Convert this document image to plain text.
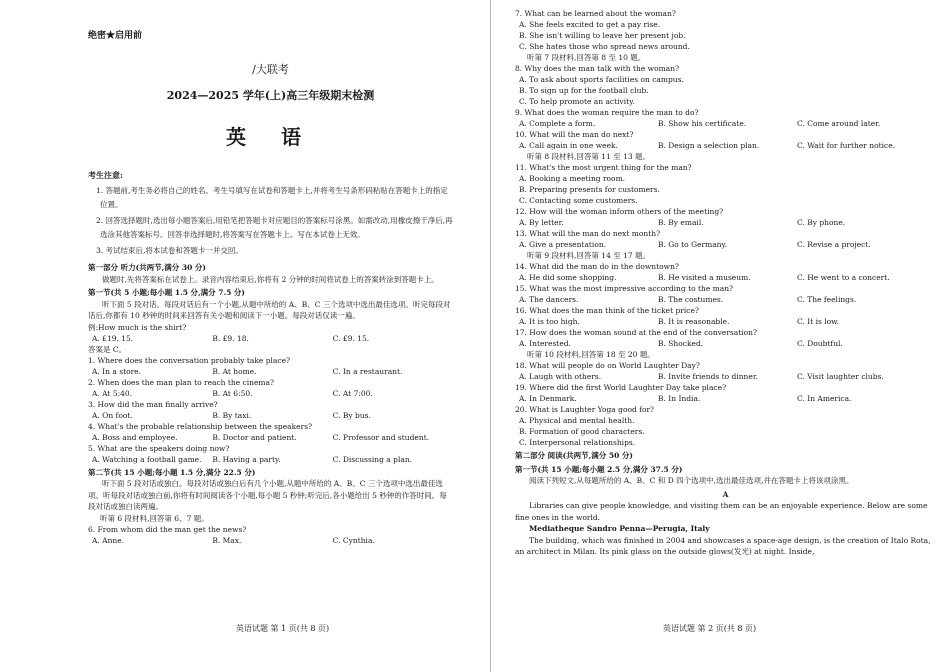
绝密★启用前
/大联考
2024—2025 学年(上)高三年级期末检测
英 语
考生注意:
1. 答题前,考生务必将自己的姓名、考生号填写在试卷和答题卡上,并将考生号条形码粘贴在答题卡上的指定位置。
2. 回答选择题时,选出每小题答案后,用铅笔把答题卡对应题目的答案标号涂黑。如需改动,用橡皮擦干净后,再选涂其他答案标号。回答非选择题时,将答案写在答题卡上。写在本试卷上无效。
3. 考试结束后,将本试卷和答题卡一并交回。
第一部分 听力(共两节,满分 30 分)
做题时,先将答案标在试卷上。录音内容结束后,你将有 2 分钟的时间将试卷上的答案转涂到答题卡上。
第一节(共 5 小题;每小题 1.5 分,满分 7.5 分)
听下面 5 段对话。每段对话后有一个小题,从题中所给的 A、B、C 三个选项中选出最佳选项。听完每段对话后,你都有 10 秒钟的时间来回答有关小题和阅读下一小题。每段对话仅读一遍。
例:How much is the shirt?
A. £19. 15.	B. £9. 18.	C. £9. 15.
答案是 C。
1. Where does the conversation probably take place?
A. In a store.	B. At home.	C. In a restaurant.
2. When does the man plan to reach the cinema?
A. At 5:40.	B. At 6:50.	C. At 7:00.
3. How did the man finally arrive?
A. On foot.	B. By taxi.	C. By bus.
4. What's the probable relationship between the speakers?
A. Boss and employee.	B. Doctor and patient.	C. Professor and student.
5. What are the speakers doing now?
A. Watching a football game.	B. Having a party.	C. Discussing a plan.
第二节(共 15 小题;每小题 1.5 分,满分 22.5 分)
听下面 5 段对话或独白。每段对话或独白后有几个小题,从题中所给的 A、B、C 三个选项中选出最佳选项。听每段对话或独白前,你将有时间阅读各个小题,每小题 5 秒钟;听完后,各小题给出 5 秒钟的作答时间。每段对话或独白读两遍。
听第 6 段材料,回答第 6、7 题。
6. From whom did the man get the news?
A. Anne.	B. Max.	C. Cynthia.
英语试题 第 1 页(共 8 页)
7. What can be learned about the woman?
A. She feels excited to get a pay rise.
B. She isn't willing to leave her present job.
C. She hates those who spread news around.
听第 7 段材料,回答第 8 至 10 题。
8. Why does the man talk with the woman?
A. To ask about sports facilities on campus.
B. To sign up for the football club.
C. To help promote an activity.
9. What does the woman require the man to do?
A. Complete a form.	B. Show his certificate.	C. Come around later.
10. What will the man do next?
A. Call again in one week.	B. Design a selection plan.	C. Wait for further notice.
听第 8 段材料,回答第 11 至 13 题。
11. What's the most urgent thing for the man?
A. Booking a meeting room.
B. Preparing presents for customers.
C. Contacting some customers.
12. How will the woman inform others of the meeting?
A. By letter.	B. By email.	C. By phone.
13. What will the man do next month?
A. Give a presentation.	B. Go to Germany.	C. Revise a project.
听第 9 段材料,回答第 14 至 17 题。
14. What did the man do in the downtown?
A. He did some shopping.	B. He visited a museum.	C. He went to a concert.
15. What was the most impressive according to the man?
A. The dancers.	B. The costumes.	C. The feelings.
16. What does the man think of the ticket price?
A. It is too high.	B. It is reasonable.	C. It is low.
17. How does the woman sound at the end of the conversation?
A. Interested.	B. Shocked.	C. Doubtful.
听第 10 段材料,回答第 18 至 20 题。
18. What will people do on World Laughter Day?
A. Laugh with others.	B. Invite friends to dinner.	C. Visit laughter clubs.
19. Where did the first World Laughter Day take place?
A. In Denmark.	B. In India.	C. In America.
20. What is Laughter Yoga good for?
A. Physical and mental health.
B. Formation of good characters.
C. Interpersonal relationships.
第二部分 阅读(共两节,满分 50 分)
第一节(共 15 小题;每小题 2.5 分,满分 37.5 分)
阅读下列短文,从每题所给的 A、B、C 和 D 四个选项中,选出最佳选项,并在答题卡上将该项涂黑。
A
Libraries can give people knowledge, and visiting them can be an enjoyable experience. Below are some fine ones in the world.
Mediatheque Sandro Penna—Perugia, Italy
The building, which was finished in 2004 and showcases a space-age design, is the creation of Italo Rota, an architect in Milan. Its pink glass on the outside glows(发光) at night. Inside,
英语试题 第 2 页(共 8 页)
